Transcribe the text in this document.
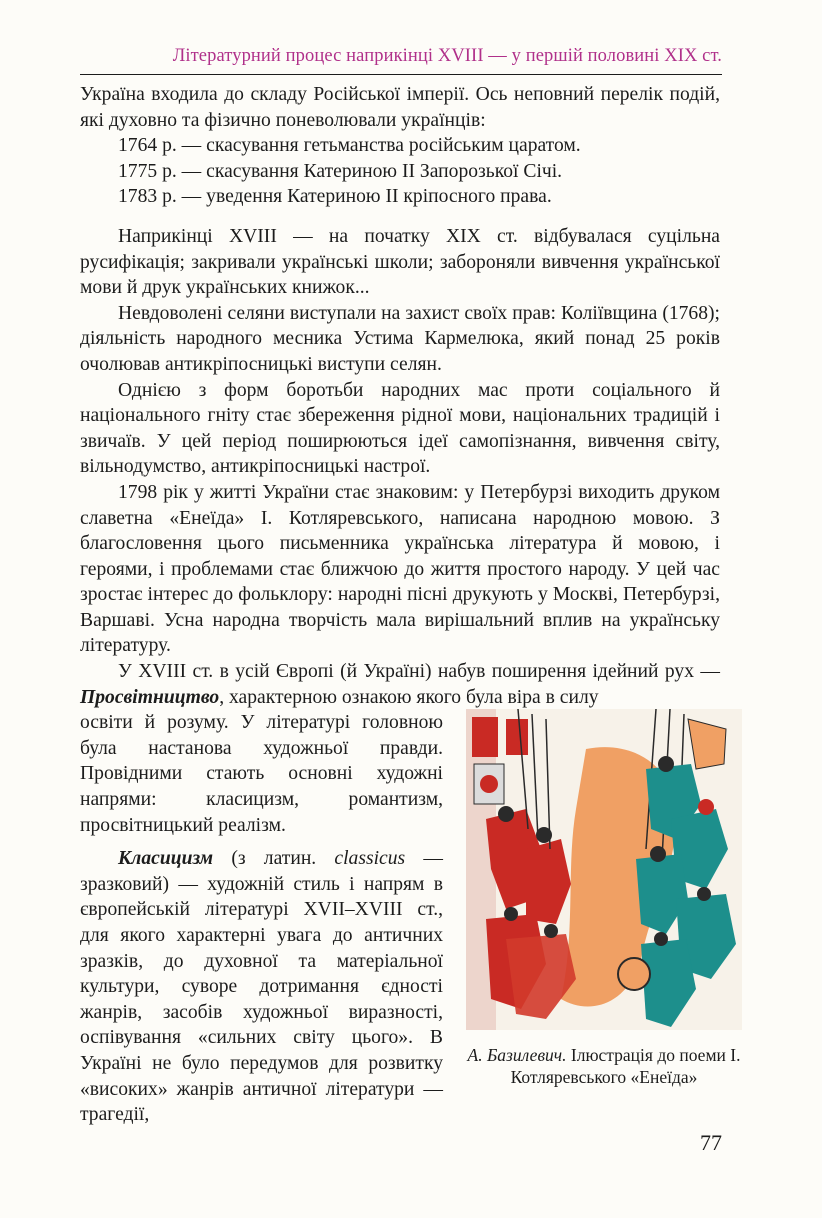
Літературний процес наприкінці XVIII — у першій половині ХІХ ст.

Україна входила до складу Російської імперії. Ось неповний перелік подій, які духовно та фізично поневолювали українців:

1764 р. — скасування гетьманства російським царатом.

1775 р. — скасування Катериною II Запорозької Січі.

1783 р. — уведення Катериною II кріпосного права.

Наприкінці XVIII — на початку ХІХ ст. відбувалася суцільна русифікація; закривали українські школи; забороняли вивчення української мови й друк українських книжок...

Невдоволені селяни виступали на захист своїх прав: Коліївщина (1768); діяльність народного месника Устима Кармелюка, який понад 25 років очолював антикріпосницькі виступи селян.

Однією з форм боротьби народних мас проти соціального й національного гніту стає збереження рідної мови, національних традицій і звичаїв. У цей період поширюються ідеї самопізнання, вивчення світу, вільнодумство, антикріпосницькі настрої.

1798 рік у житті України стає знаковим: у Петербурзі виходить друком славетна «Енеїда» І. Котляревського, написана народною мовою. З благословення цього письменника українська література й мовою, і героями, і проблемами стає ближчою до життя простого народу. У цей час зростає інтерес до фольклору: народні пісні друкують у Москві, Петербурзі, Варшаві. Усна народна творчість мала вирішальний вплив на українську літературу.

У XVIII ст. в усій Європі (й Україні) набув поширення ідейний рух — Просвітництво, характерною ознакою якого була віра в силу

освіти й розуму. У літературі головною була настанова художньої правди. Провідними стають основні художні напрями: класицизм, романтизм, просвітницький реалізм.

Класицизм (з латин. classicus — зразковий) — художній стиль і напрям в європейській літературі XVII–XVIII ст., для якого характерні увага до античних зразків, до духовної та матеріальної культури, суворе дотримання єдності жанрів, засобів художньої виразності, оспівування «сильних світу цього». В Україні не було передумов для розвитку «високих» жанрів античної літератури — трагедії,

А. Базилевич. Ілюстрація до поеми І. Котляревського «Енеїда»
77
